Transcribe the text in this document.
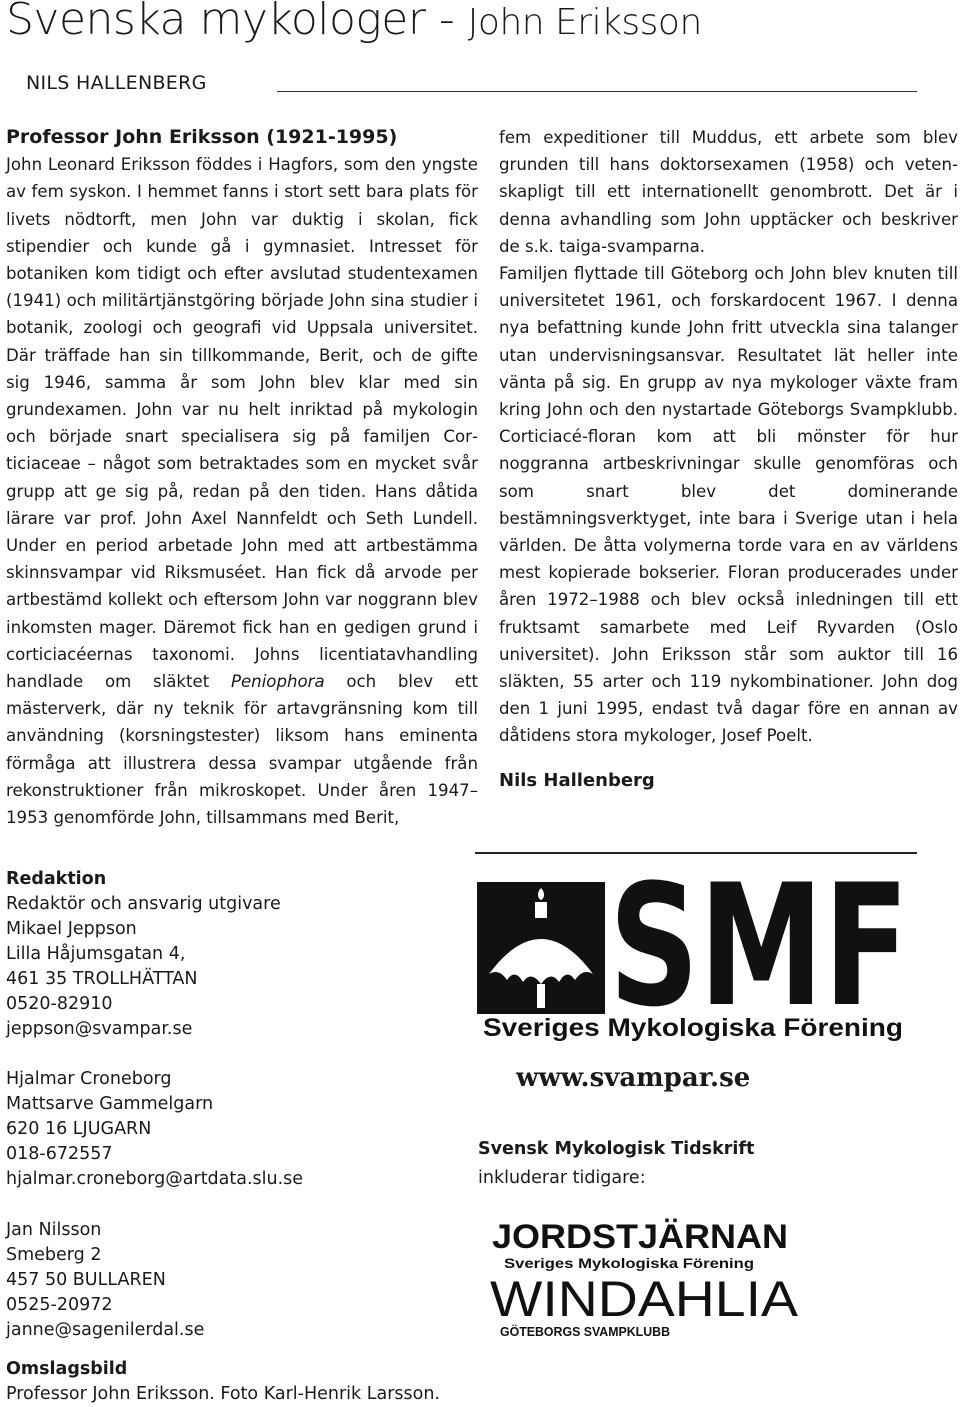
Svenska mykologer - John Eriksson
NILS HALLENBERG

Professor John Eriksson (1921-1995)

John Leonard Eriksson föddes i Hagfors, som den yngste av fem syskon. I hemmet fanns i stort sett bara plats för livets nödtorft, men John var duktig i skolan, fick stipendier och kunde gå i gymnasiet. Intresset för botaniken kom tidigt och efter avslutad studentexamen (1941) och militärtjänstgöring började John sina studier i botanik, zoologi och geografi vid Uppsala universitet. Där träffade han sin tillkommande, Berit, och de gifte sig 1946, samma år som John blev klar med sin grundexamen. John var nu helt inriktad på mykologin och började snart specialisera sig på familjen Corticiaceae – något som betraktades som en mycket svår grupp att ge sig på, redan på den tiden. Hans dåtida lärare var prof. John Axel Nannfeldt och Seth Lundell. Under en period arbetade John med att artbestämma skinnsvampar vid Riksmuséet. Han fick då arvode per artbestämd kollekt och eftersom John var noggrann blev inkomsten mager. Däremot fick han en gedigen grund i corticiacéernas taxonomi. Johns licentiatavhandling handlade om släktet Peniophora och blev ett mästerverk, där ny teknik för artavgränsning kom till användning (korsningstester) liksom hans eminenta förmåga att illustrera dessa svampar utgående från rekonstruktioner från mikroskopet. Under åren 1947–1953 genomförde John, tillsammans med Berit,

fem expeditioner till Muddus, ett arbete som blev grunden till hans doktorsexamen (1958) och vetenskapligt till ett internationellt genombrott. Det är i denna avhandling som John upptäcker och beskriver de s.k. taiga-svamparna.

Familjen flyttade till Göteborg och John blev knuten till universitetet 1961, och forskardocent 1967. I denna nya befattning kunde John fritt utveckla sina talanger utan undervisningsansvar. Resultatet lät heller inte vänta på sig. En grupp av nya mykologer växte fram kring John och den nystartade Göteborgs Svampklubb. Corticiacé-floran kom att bli mönster för hur noggranna artbeskrivningar skulle genomföras och som snart blev det dominerande bestämningsverktyget, inte bara i Sverige utan i hela världen. De åtta volymerna torde vara en av världens mest kopierade bokserier. Floran producerades under åren 1972–1988 och blev också inledningen till ett fruktsamt samarbete med Leif Ryvarden (Oslo universitet). John Eriksson står som auktor till 16 släkten, 55 arter och 119 nykombinationer. John dog den 1 juni 1995, endast två dagar före en annan av dåtidens stora mykologer, Josef Poelt.

Nils Hallenberg

Redaktion

Redaktör och ansvarig utgivare

Mikael Jeppson

Lilla Håjumsgatan 4,

461 35 TROLLHÄTTAN

0520-82910

jeppson@svampar.se

Hjalmar Croneborg

Mattsarve Gammelgarn

620 16 LJUGARN

018-672557

hjalmar.croneborg@artdata.slu.se

Jan Nilsson

Smeberg 2

457 50 BULLAREN

0525-20972

janne@sagenilerdal.se

Omslagsbild

Professor John Eriksson. Foto Karl-Henrik Larsson.

SMF
Sveriges Mykologiska Förening
www.svampar.se
Svensk Mykologisk Tidskrift
inkluderar tidigare:
JORDSTJÄRNAN
Sveriges Mykologiska Förening
WINDAHLIA
GÖTEBORGS SVAMPKLUBB
